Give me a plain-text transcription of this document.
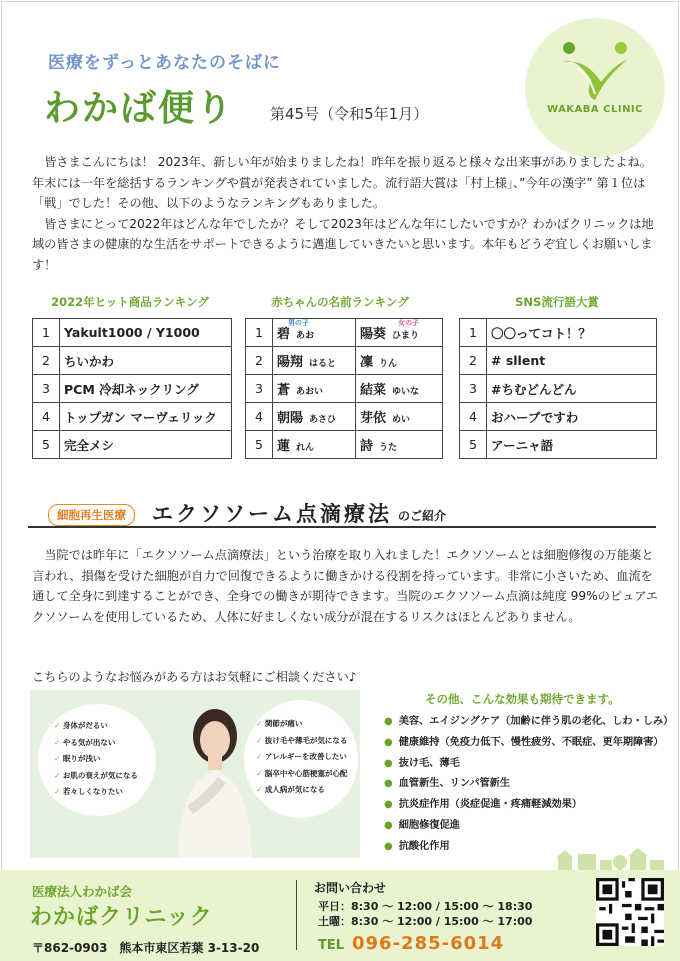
医療をずっとあなたのそばに
わかば便り 第45号（令和5年1月）	WAKABA CLINIC

皆さまこんにちは！ 2023年、新しい年が始まりましたね！昨年を振り返ると様々な出来事がありましたよね。年末には一年を総括するランキングや賞が発表されていました。流行語大賞は「村上様」、”今年の漢字” 第１位は「戦」でした！その他、以下のようなランキングもありました。

皆さまにとって2022年はどんな年でしたか？そして2023年はどんな年にしたいですか？わかばクリニックは地域の皆さまの健康的な生活をサポートできるように邁進していきたいと思います。本年もどうぞ宜しくお願いします！

2022年ヒット商品ランキング
1	Yakult1000 / Y1000
2	ちいかわ
3	PCM 冷却ネックリング
4	トップガン マーヴェリック
5	完全メシ
赤ちゃんの名前ランキング
男の子	女の子
1	碧 あお	陽葵 ひまり
2	陽翔 はると	凜 りん
3	蒼 あおい	結菜 ゆいな
4	朝陽 あさひ	芽依 めい
5	蓮 れん	詩 うた
SNS流行語大賞
1	〇〇ってコト！？
2	# sllent
3	#ちむどんどん
4	おハーブですわ
5	アーニャ語
細胞再生医療	エクソソーム点滴療法 のご紹介

当院では昨年に「エクソソーム点滴療法」という治療を取り入れました！エクソソームとは細胞修復の万能薬と言われ、損傷を受けた細胞が自力で回復できるように働きかける役割を持っています。非常に小さいため、血流を通して全身に到達することができ、全身での働きが期待できます。当院のエクソソーム点滴は純度 99%のピュアエクソソームを使用しているため、人体に好ましくない成分が混在するリスクはほとんどありません。

こちらのようなお悩みがある方はお気軽にご相談ください♪
✓ 身体がだるい
✓ やる気が出ない
✓ 眠りが浅い
✓ お肌の衰えが気になる
✓ 若々しくなりたい
✓ 関節が痛い
✓ 抜け毛や薄毛が気になる
✓ アレルギーを改善したい
✓ 脳卒中や心筋梗塞が心配
✓ 成人病が気になる
その他、こんな効果も期待できます。
● 美容、エイジングケア（加齢に伴う肌の老化、しわ・しみ）
● 健康維持（免疫力低下、慢性疲労、不眠症、更年期障害）
● 抜け毛、薄毛
● 血管新生、リンパ管新生
● 抗炎症作用（炎症促進・疼痛軽減効果）
● 細胞修復促進
● 抗酸化作用
医療法人わかば会
わかばクリニック
〒862-0903　熊本市東区若葉 3-13-20
お問い合わせ
平日：8:30 ～ 12:00 / 15:00 ～ 18:30
土曜：8:30 ～ 12:00 / 15:00 ～ 17:00
TEL 096-285-6014
